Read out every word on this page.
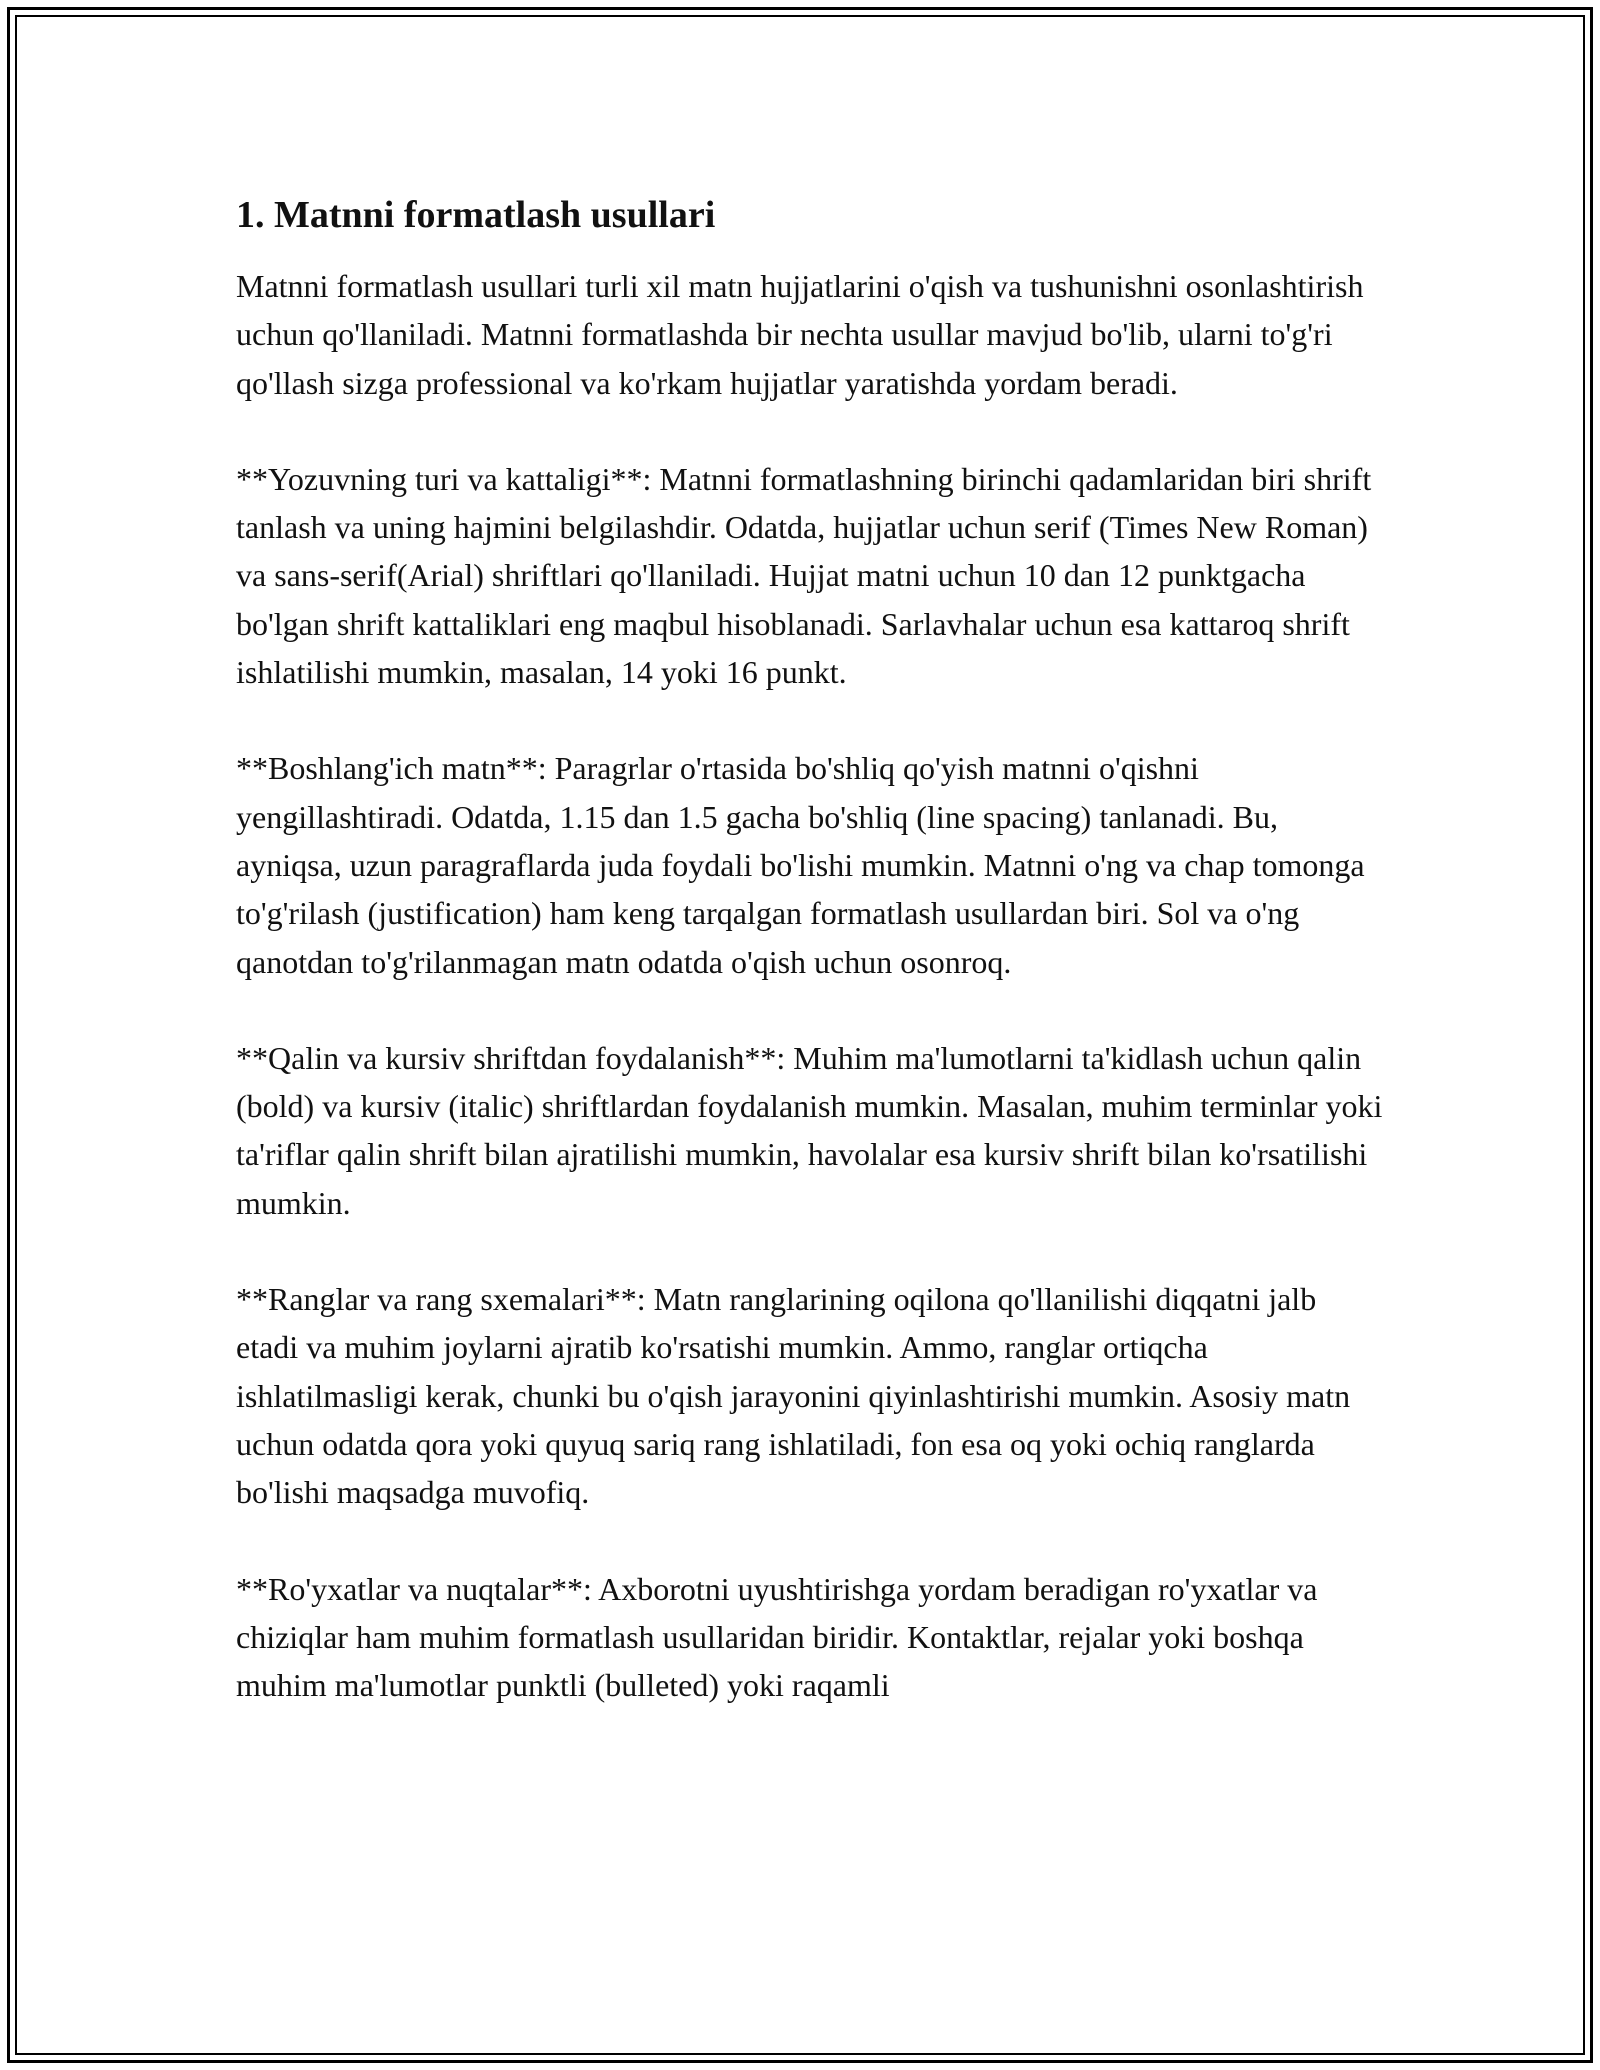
1. Matnni formatlash usullari

Matnni formatlash usullari turli xil matn hujjatlarini o'qish va tushunishni osonlashtirish uchun qo'llaniladi. Matnni formatlashda bir nechta usullar mavjud bo'lib, ularni to'g'ri qo'llash sizga professional va ko'rkam hujjatlar yaratishda yordam beradi.

**Yozuvning turi va kattaligi**: Matnni formatlashning birinchi qadamlaridan biri shrift tanlash va uning hajmini belgilashdir. Odatda, hujjatlar uchun serif (Times New Roman) va sans-serif(Arial) shriftlari qo'llaniladi. Hujjat matni uchun 10 dan 12 punktgacha bo'lgan shrift kattaliklari eng maqbul hisoblanadi. Sarlavhalar uchun esa kattaroq shrift ishlatilishi mumkin, masalan, 14 yoki 16 punkt.

**Boshlang'ich matn**: Paragrlar o'rtasida bo'shliq qo'yish matnni o'qishni yengillashtiradi. Odatda, 1.15 dan 1.5 gacha bo'shliq (line spacing) tanlanadi. Bu, ayniqsa, uzun paragraflarda juda foydali bo'lishi mumkin. Matnni o'ng va chap tomonga to'g'rilash (justification) ham keng tarqalgan formatlash usullardan biri. Sol va o'ng qanotdan to'g'rilanmagan matn odatda o'qish uchun osonroq.

**Qalin va kursiv shriftdan foydalanish**: Muhim ma'lumotlarni ta'kidlash uchun qalin (bold) va kursiv (italic) shriftlardan foydalanish mumkin. Masalan, muhim terminlar yoki ta'riflar qalin shrift bilan ajratilishi mumkin, havolalar esa kursiv shrift bilan ko'rsatilishi mumkin.

**Ranglar va rang sxemalari**: Matn ranglarining oqilona qo'llanilishi diqqatni jalb etadi va muhim joylarni ajratib ko'rsatishi mumkin. Ammo, ranglar ortiqcha ishlatilmasligi kerak, chunki bu o'qish jarayonini qiyinlashtirishi mumkin. Asosiy matn uchun odatda qora yoki quyuq sariq rang ishlatiladi, fon esa oq yoki ochiq ranglarda bo'lishi maqsadga muvofiq.

**Ro'yxatlar va nuqtalar**: Axborotni uyushtirishga yordam beradigan ro'yxatlar va chiziqlar ham muhim formatlash usullaridan biridir. Kontaktlar, rejalar yoki boshqa muhim ma'lumotlar punktli (bulleted) yoki raqamli
